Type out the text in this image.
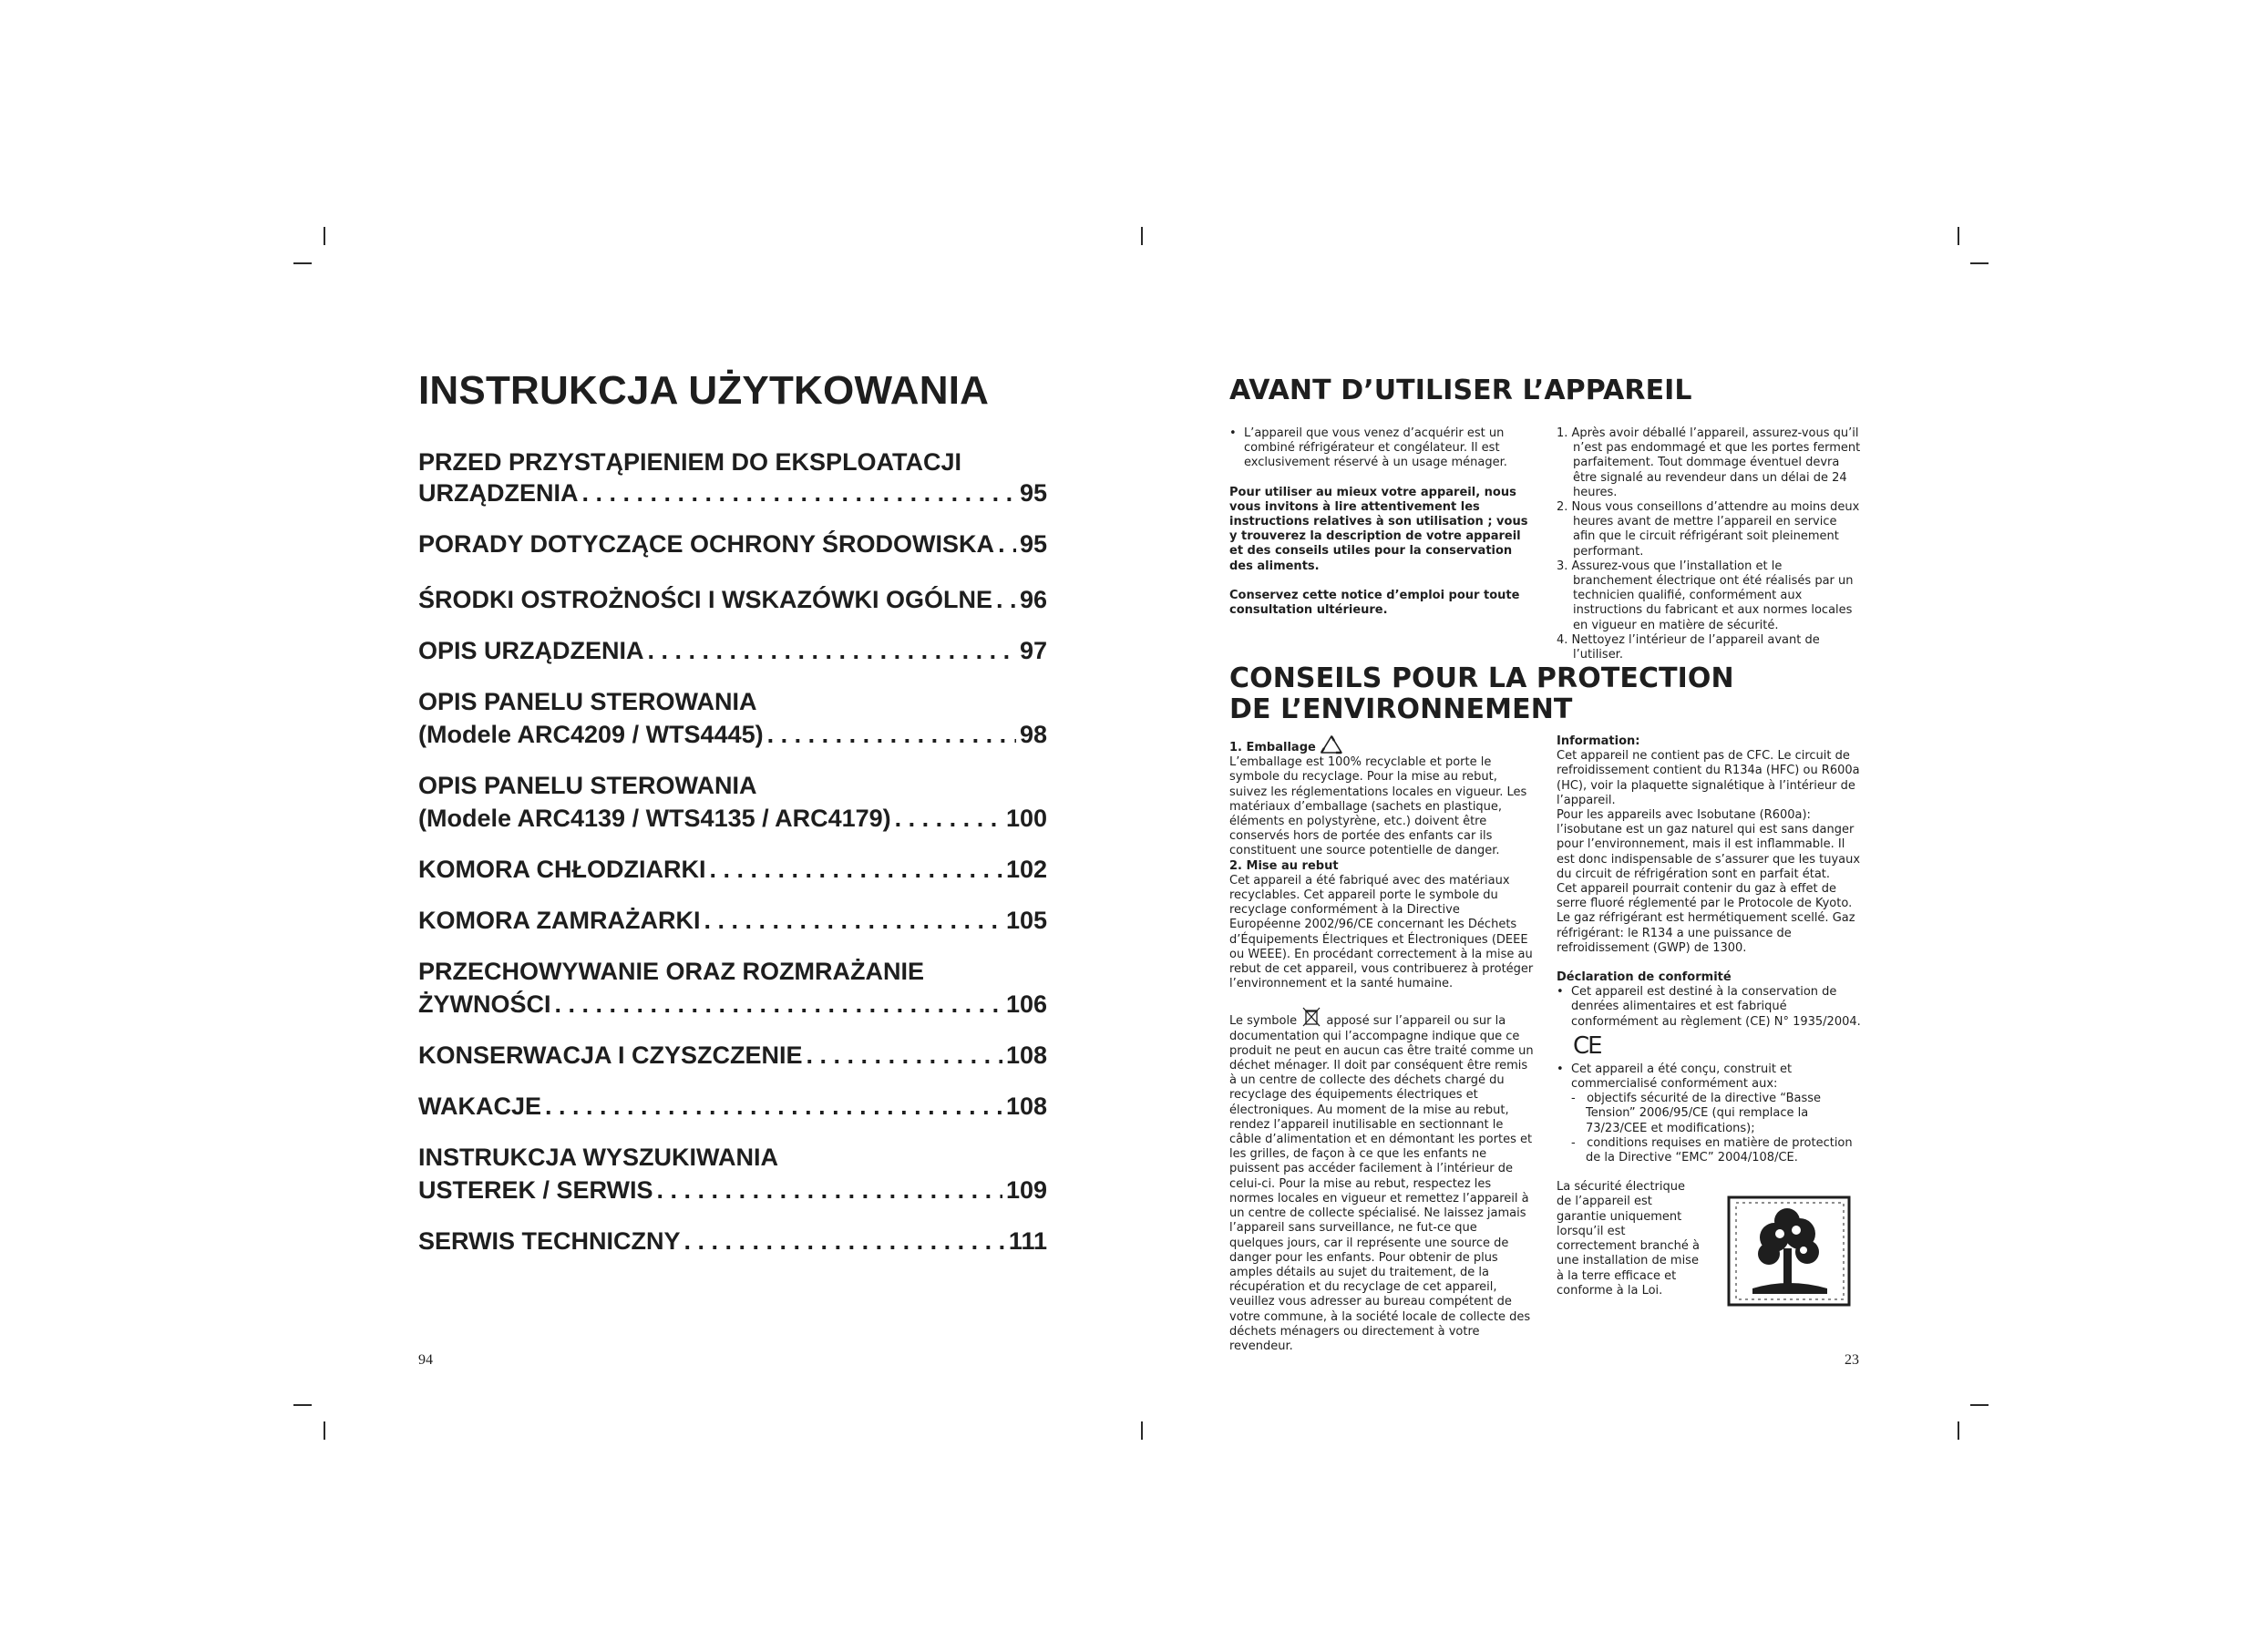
INSTRUKCJA UŻYTKOWANIA
PRZED PRZYSTĄPIENIEM DO EKSPLOATACJI
URZĄDZENIA . . .	95
PORADY DOTYCZĄCE OCHRONY ŚRODOWISKA . . . 95
ŚRODKI OSTROŻNOŚCI I WSKAZÓWKI OGÓLNE . . . 96
OPIS URZĄDZENIA . . .	97
OPIS PANELU STEROWANIA
(Modele ARC4209 / WTS4445) . . .	98
OPIS PANELU STEROWANIA
(Modele ARC4139 / WTS4135 / ARC4179) . . .	100
KOMORA CHŁODZIARKI . . .	102
KOMORA ZAMRAŻARKI . . .	105
PRZECHOWYWANIE ORAZ ROZMRAŻANIE
ŻYWNOŚCI . . .	106
KONSERWACJA I CZYSZCZENIE . . .	108
WAKACJE . . .	108
INSTRUKCJA WYSZUKIWANIA
USTEREK / SERWIS . . .	109
SERWIS TECHNICZNY . . .	111
94
AVANT D’UTILISER L’APPAREIL

•  L’appareil que vous venez d’acquérir est un combiné réfrigérateur et congélateur. Il est exclusivement réservé à un usage ménager.

Pour utiliser au mieux votre appareil, nous vous invitons à lire attentivement les instructions relatives à son utilisation ; vous y trouverez la description de votre appareil et des conseils utiles pour la conservation des aliments.

Conservez cette notice d’emploi pour toute consultation ultérieure.

1. Après avoir déballé l’appareil, assurez-vous qu’il n’est pas endommagé et que les portes ferment parfaitement. Tout dommage éventuel devra être signalé au revendeur dans un délai de 24 heures.

2. Nous vous conseillons d’attendre au moins deux heures avant de mettre l’appareil en service afin que le circuit réfrigérant soit pleinement performant.

3. Assurez-vous que l’installation et le branchement électrique ont été réalisés par un technicien qualifié, conformément aux instructions du fabricant et aux normes locales en vigueur en matière de sécurité.

4. Nettoyez l’intérieur de l’appareil avant de l’utiliser.

CONSEILS POUR LA PROTECTION
DE L’ENVIRONNEMENT

1. Emballage

L’emballage est 100% recyclable et porte le symbole du recyclage. Pour la mise au rebut, suivez les réglementations locales en vigueur. Les matériaux d’emballage (sachets en plastique, éléments en polystyrène, etc.) doivent être conservés hors de portée des enfants car ils constituent une source potentielle de danger.

2. Mise au rebut

Cet appareil a été fabriqué avec des matériaux recyclables. Cet appareil porte le symbole du recyclage conformément à la Directive Européenne 2002/96/CE concernant les Déchets d’Équipements Électriques et Électroniques (DEEE ou WEEE). En procédant correctement à la mise au rebut de cet appareil, vous contribuerez à protéger l’environnement et la santé humaine.

Le symbole apposé sur l’appareil ou sur la documentation qui l’accompagne indique que ce produit ne peut en aucun cas être traité comme un déchet ménager. Il doit par conséquent être remis à un centre de collecte des déchets chargé du recyclage des équipements électriques et électroniques. Au moment de la mise au rebut, rendez l’appareil inutilisable en sectionnant le câble d’alimentation et en démontant les portes et les grilles, de façon à ce que les enfants ne puissent pas accéder facilement à l’intérieur de celui-ci. Pour la mise au rebut, respectez les normes locales en vigueur et remettez l’appareil à un centre de collecte spécialisé. Ne laissez jamais l’appareil sans surveillance, ne fut-ce que quelques jours, car il représente une source de danger pour les enfants. Pour obtenir de plus amples détails au sujet du traitement, de la récupération et du recyclage de cet appareil, veuillez vous adresser au bureau compétent de votre commune, à la société locale de collecte des déchets ménagers ou directement à votre revendeur.

Information:

Cet appareil ne contient pas de CFC. Le circuit de refroidissement contient du R134a (HFC) ou R600a (HC), voir la plaquette signalétique à l’intérieur de l’appareil.

Pour les appareils avec Isobutane (R600a): l’isobutane est un gaz naturel qui est sans danger pour l’environnement, mais il est inflammable. Il est donc indispensable de s’assurer que les tuyaux du circuit de réfrigération sont en parfait état.

Cet appareil pourrait contenir du gaz à effet de serre fluoré réglementé par le Protocole de Kyoto. Le gaz réfrigérant est hermétiquement scellé. Gaz réfrigérant: le R134 a une puissance de refroidissement (GWP) de 1300.

Déclaration de conformité

•  Cet appareil est destiné à la conservation de denrées alimentaires et est fabriqué conformément au règlement (CE) N° 1935/2004.

CE

•  Cet appareil a été conçu, construit et commercialisé conformément aux:

-   objectifs sécurité de la directive “Basse Tension” 2006/95/CE (qui remplace la 73/23/CEE et modifications);

-   conditions requises en matière de protection de la Directive “EMC” 2004/108/CE.

La sécurité électrique de l’appareil est garantie uniquement lorsqu’il est correctement branché à une installation de mise à la terre efficace et conforme à la Loi.

23
